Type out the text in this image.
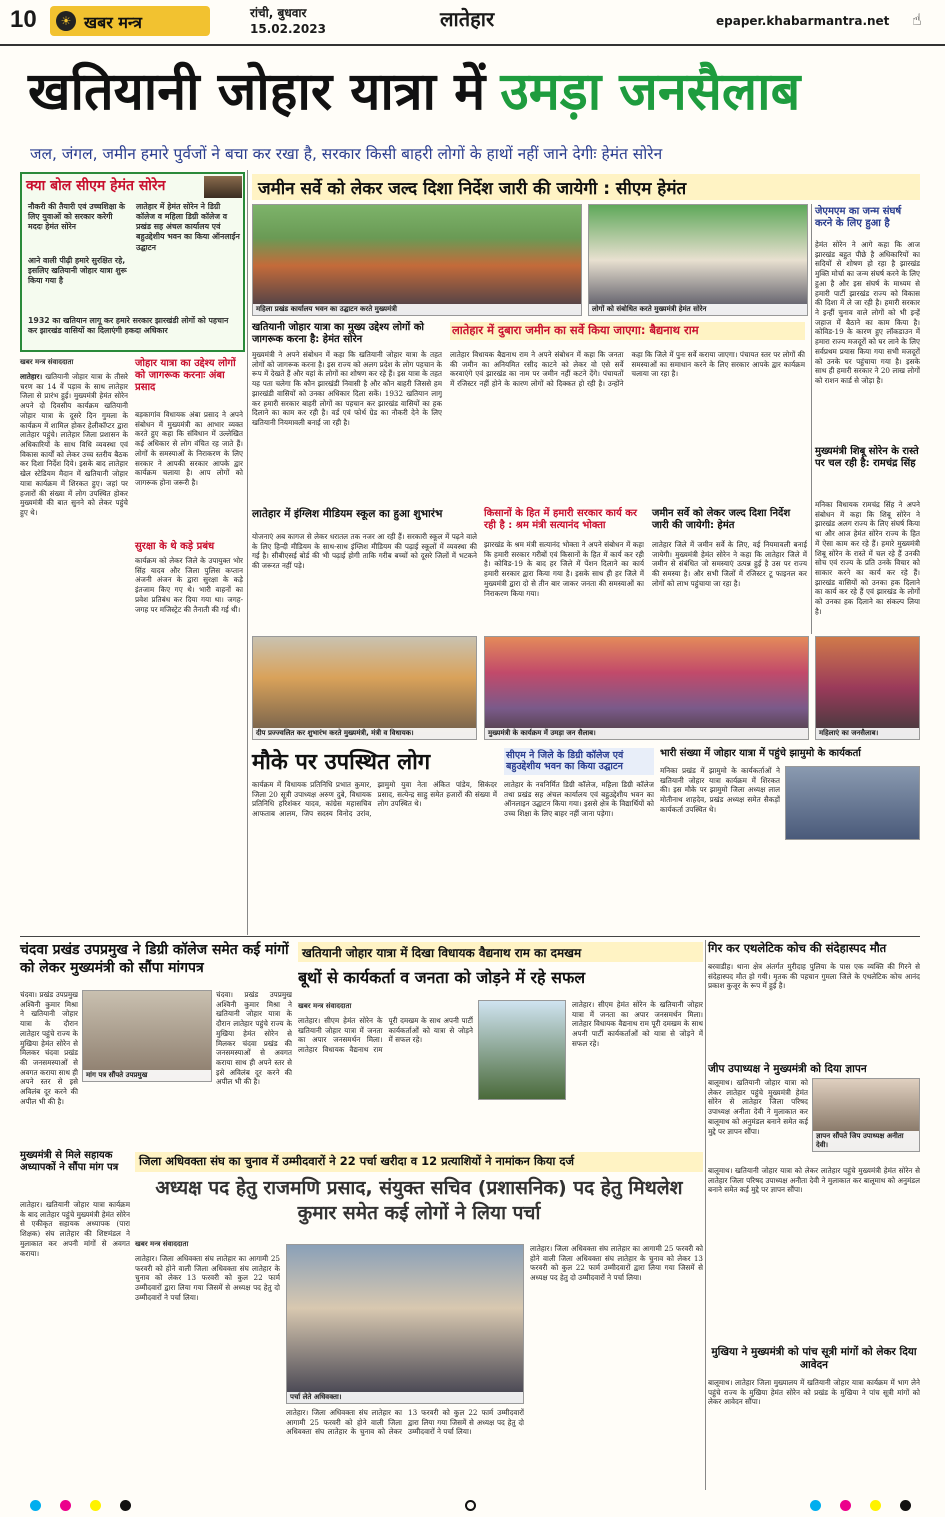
10	☀ खबर मन्त्र	रांची, बुधवार
15.02.2023	लातेहार	epaper.khabarmantra.net ☝
खतियानी जोहार यात्रा में उमड़ा जनसैलाब
जल, जंगल, जमीन हमारे पुर्वजों ने बचा कर रखा है, सरकार किसी बाहरी लोगों के हाथों नहीं जाने देगीः हेमंत सोरेन
क्या बोल सीएम हेमंत सोरेन
नौकरी की तैयारी एवं उच्चशिक्षा के लिए युवाओं को सरकार करेगी मददः हेमंत सोरेन
आने वाली पीढ़ी हमारे सुरक्षित रहे, इसलिए खतियानी जोहार यात्रा शुरू किया गया है
लातेहार में हेमंत सोरेन ने डिग्री कॉलेज व महिला डिग्री कॉलेज व प्रखंड सह अंचल कार्यालय एवं बहुउद्देशीय भवन का किया ऑनलाईन उद्घाटन
1932 का खतियान लागू कर हमारे सरकार झारखंडी लोगों को पहचान कर झारखंड वासियों का दिलाएंगी हकदा अधिकार
जमीन सर्वे को लेकर जल्द दिशा निर्देश जारी की जायेगी : सीएम हेमंत
महिला प्रखंड कार्यालय भवन का उद्घाटन करते मुख्यमंत्री	लोगों को संबोधित करते मुख्यमंत्री हेमंत सोरेन
जेएमएम का जन्म संघर्ष करने के लिए हुआ है
हेमंत सोरेन ने आगे कहा कि आज झारखंड बहुत पीछे है अधिकारियों का सदियों से शोषण हो रहा है झारखंड मुक्ति मोर्चा का जन्म संघर्ष करने के लिए हुआ है और इस संघर्ष के माध्यम से हमारी पार्टी झारखंड राज्य को विकास की दिशा में ले जा रही है। हमारी सरकार ने इन्हीं चुनाव वाले लोगों को भी इन्हें जहाज में बैठाने का काम किया है। कोविड-19 के कारण हुए लॉकडाउन में हमारा राज्य मजदूरों को घर लाने के लिए सर्वप्रथम प्रयास किया गया सभी मजदूरों को उनके घर पहुंचाया गया है। इसके साथ ही हमारी सरकार ने 20 लाख लोगों को राशन कार्ड से जोड़ा है।
मुख्यमंत्री शिबू सोरेन के रास्ते पर चल रही है: रामचंद्र सिंह
मनिका विधायक रामचंद्र सिंह ने अपने संबोधन में कहा कि शिबू सोरेन ने झारखंड अलग राज्य के लिए संघर्ष किया था और आज हेमंत सोरेन राज्य के हित में ऐसा काम कर रहे हैं। हमारे मुख्यमंत्री शिबू सोरेन के रास्ते में चल रहे हैं उनकी सोच एवं राज्य के प्रति उनके विचार को साकार करने का कार्य कर रहे हैं। झारखंड वासियों को उनका हक दिलाने का कार्य कर रहे हैं एवं झारखंड के लोगों को उनका हक दिलाने का संकल्प लिया है।
खतियानी जोहार यात्रा का मुख्य उद्देश्य लोगों को जागरूक करना है: हेमंत सोरेन
मुख्यमंत्री ने अपने संबोधन में कहा कि खतियानी जोहार यात्रा के तहत लोगों को जागरूक करना है। इस राज्य को अलग प्रदेश के लोग पहचान के रूप में देखते हैं और यहां के लोगों का शोषण कर रहे हैं। इस यात्रा के तहत यह पता चलेगा कि कौन झारखंडी निवासी है और कौन बाहरी जिससे हम झारखंडी वासियों को उनका अधिकार दिला सकें। 1932 खतियान लागू कर हमारी सरकार बाहरी लोगों का पहचान कर झारखंड वासियों का हक दिलाने का काम कर रही है। वर्ड एवं फोर्थ ग्रेड का नौकरी देने के लिए खतियानी नियमावली बनाई जा रही है।
लातेहार में दुबारा जमीन का सर्वे किया जाएगा: बैद्यनाथ राम
लातेहार विधायक बैद्यनाथ राम ने अपने संबोधन में कहा कि जनता की जमीन का अनियमित रसीद काटने को लेकर वो एसे सर्वे करवाएंगे एवं झारखंड का नाम पर जमीन नहीं कटने देंगे। पंचायतों में रजिस्टर नहीं होने के कारण लोगों को दिक्कत हो रही है। उन्होंने कहा कि जिले में पुनः सर्वे कराया जाएगा। पंचायत स्तर पर लोगों की समस्याओं का समाधान करने के लिए सरकार आपके द्वार कार्यक्रम चलाया जा रहा है।
खबर मन्त्र संवाददाता
लातेहार। खतियानी जोहार यात्रा के तीसरे चरण का 14 वें पड़ाव के साथ लातेहार जिला से प्रारंभ हुई। मुख्यमंत्री हेमंत सोरेन अपने दो दिवसीय कार्यक्रम खतियानी जोहार यात्रा के दूसरे दिन गुमला के कार्यक्रम में शामिल होकर हेलीकॉप्टर द्वारा लातेहार पहुंचे। लातेहार जिला प्रशासन के अधिकारियों के साथ विधि व्यवस्था एवं विकास कार्यों को लेकर उच्च स्तरीय बैठक कर दिशा निर्देश दिये। इसके बाद लातेहार खेल स्टेडियम मैदान में खतियानी जोहार यात्रा कार्यक्रम में शिरकत हुए। जहां पर हजारों की संख्या में लोग उपस्थित होकर मुख्यमंत्री की बात सुनने को लेकर पहुंचे हुए थे।
जोहार यात्रा का उद्देश्य लोगों को जागरूक करनाः अंबा प्रसाद
बड़कागांव विधायक अंबा प्रसाद ने अपने संबोधन में मुख्यमंत्री का आभार व्यक्त करते हुए कहा कि संविधान में उल्लेखित कई अधिकार से लोग वंचित रह जाते हैं। लोगों के समस्याओं के निराकरण के लिए सरकार ने आपकी सरकार आपके द्वार कार्यक्रम चलाया है। आप लोगों को जागरूक होना जरूरी है।
सुरक्षा के थे कड़े प्रबंध
कार्यक्रम को लेकर जिले के उपायुक्त भोर सिंह यादव और जिला पुलिस कप्तान अंजनी अंजन के द्वारा सुरक्षा के कड़े इंतजाम किए गए थे। भारी वाहनों का प्रवेश प्रतिबंध कर दिया गया था। जगह-जगह पर मजिस्ट्रेट की तैनाती की गई थी।
लातेहार में इंग्लिश मीडियम स्कूल का हुआ शुभारंभ
योजनाएं अब कागज से लेकर धरातल तक नजर आ रही हैं। सरकारी स्कूल में पढ़ने वाले के लिए हिन्दी मीडियम के साथ-साथ इंग्लिश मीडियम की पढ़ाई स्कूलों में व्यवस्था की गई है। सीबीएसई बोर्ड की भी पढ़ाई होगी ताकि गरीब बच्चों को दूसरे जिलों में भटकने की जरूरत नहीं पड़े।
किसानों के हित में हमारी सरकार कार्य कर रही है : श्रम मंत्री सत्यानंद भोक्ता
झारखंड के श्रम मंत्री सत्यानंद भोक्ता ने अपने संबोधन में कहा कि हमारी सरकार गरीबों एवं किसानों के हित में कार्य कर रही है। कोविड-19 के बाद हर जिले में पेंशन दिलाने का कार्य हमारी सरकार द्वारा किया गया है। इसके साथ ही हर जिले में मुख्यमंत्री द्वारा दो से तीन बार जाकर जनता की समस्याओं का निराकरण किया गया।
जमीन सर्वे को लेकर जल्द दिशा निर्देश जारी की जायेगी: हेमंत
लातेहार जिले में जमीन सर्वे के लिए, वई नियमावली बनाई जायेगी। मुख्यमंत्री हेमंत सोरेन ने कहा कि लातेहार जिले में जमीन से संबंधित जो समस्याएं उत्पन्न हुई है उस पर राज्य की समस्या है। और सभी जिलों में रजिस्टर टू फाइनल कर लोगों को लाभ पहुंचाया जा रहा है।
दीप प्रज्ज्वलित कर शुभारंभ करते मुख्यमंत्री, मंत्री व विधायक।	मुख्यमंत्री के कार्यक्रम में उमड़ा जन सैलाब।	महिलाएं का जनसैलाब।
मौके पर उपस्थित लोग
कार्यक्रम में विधायक प्रतिनिधि प्रभात कुमार, जिला 20 सूत्री उपाध्यक्ष अरुण दुबे, विधायक प्रतिनिधि हरिशंकर यादव, कांग्रेस महासचिव आफताब आलम, जिप सदस्य विनोद उरांव, झामुमो युवा नेता अंकित पांडेय, सिकंदर प्रसाद, सत्येन्द्र साहु समेत हजारों की संख्या में लोग उपस्थित थे।
सीएम ने जिले के डिग्री कॉलेज एवं बहुउद्देशीय भवन का किया उद्घाटन
लातेहार के नवनिर्मित डिग्री कॉलेज, महिला डिग्री कॉलेज तथा प्रखंड सह अंचल कार्यालय एवं बहुउद्देशीय भवन का ऑनलाइन उद्घाटन किया गया। इससे क्षेत्र के विद्यार्थियों को उच्च शिक्षा के लिए बाहर नहीं जाना पड़ेगा।
भारी संख्या में जोहार यात्रा में पहुंचे झामुमो के कार्यकर्ता
मनिका प्रखंड में झामुमो के कार्यकर्ताओं ने खतियानी जोहार यात्रा कार्यक्रम में शिरकत की। इस मौके पर झामुमो जिला अध्यक्ष लाल मोतीनाथ शाहदेव, प्रखंड अध्यक्ष समेत सैकड़ों कार्यकर्ता उपस्थित थे।
चंदवा प्रखंड उपप्रमुख ने डिग्री कॉलेज समेत कई मांगों को लेकर मुख्यमंत्री को सौंपा मांगपत्र
मांग पत्र सौंपते उपप्रमुख
चंदवा। प्रखंड उपप्रमुख अश्विनी कुमार मिश्रा ने खतियानी जोहार यात्रा के दौरान लातेहार पहुंचे राज्य के मुखिया हेमंत सोरेन से मिलकर चंदवा प्रखंड की जनसमस्याओं से अवगत कराया साथ ही अपने स्तर से इसे अविलंब दूर करने की अपील भी की है।
चंदवा। प्रखंड उपप्रमुख अश्विनी कुमार मिश्रा ने खतियानी जोहार यात्रा के दौरान लातेहार पहुंचे राज्य के मुखिया हेमंत सोरेन से मिलकर चंदवा प्रखंड की जनसमस्याओं से अवगत कराया साथ ही अपने स्तर से इसे अविलंब दूर करने की अपील भी की है।
खतियानी जोहार यात्रा में दिखा विधायक वैद्यनाथ राम का दमखम
बूथों से कार्यकर्ता व जनता को जोड़ने में रहे सफल
खबर मन्त्र संवाददाता
लातेहार। सीएम हेमंत सोरेन के खतियानी जोहार यात्रा में जनता का अपार जनसमर्थन मिला। लातेहार विधायक वैद्यनाथ राम पूरी दमखम के साथ अपनी पार्टी कार्यकर्ताओं को यात्रा से जोड़ने में सफल रहे।
लातेहार। सीएम हेमंत सोरेन के खतियानी जोहार यात्रा में जनता का अपार जनसमर्थन मिला। लातेहार विधायक वैद्यनाथ राम पूरी दमखम के साथ अपनी पार्टी कार्यकर्ताओं को यात्रा से जोड़ने में सफल रहे।
गिर कर एथलेटिक कोच की संदेहास्पद मौत
बरवाडीह। थाना क्षेत्र अंतर्गत मुरीदाह पुलिया के पास एक व्यक्ति की गिरने से संदेहास्पद मौत हो गयी। मृतक की पहचान गुमला जिले के एथलेटिक कोच आनंद प्रकाश कुजूर के रूप में हुई है।
जीप उपाध्यक्ष ने मुख्यमंत्री को दिया ज्ञापन
बालूमाथ। खतियानी जोहार यात्रा को लेकर लातेहार पहुंचे मुख्यमंत्री हेमंत सोरेन से लातेहार जिला परिषद उपाध्यक्ष अनीता देवी ने मुलाकात कर बालूमाथ को अनुमंडल बनाने समेत कई मुद्दे पर ज्ञापन सौंपा।
ज्ञापन सौंपते जिप उपाध्यक्ष अनीता देवी।
मुख्यमंत्री से मिले सहायक अध्यापकों ने सौंपा मांग पत्र
लातेहार। खतियानी जोहार यात्रा कार्यक्रम के बाद लातेहार पहुंचे मुख्यमंत्री हेमंत सोरेन से एकीकृत सहायक अध्यापक (पारा शिक्षक) संघ लातेहार की शिष्टमंडल ने मुलाकात कर अपनी मांगों से अवगत कराया।
जिला अधिवक्ता संघ का चुनाव में उम्मीदवारों ने 22 पर्चा खरीदा व 12 प्रत्याशियों ने नामांकन किया दर्ज
अध्यक्ष पद हेतु राजमणि प्रसाद, संयुक्त सचिव (प्रशासनिक) पद हेतु मिथलेश कुमार समेत कई लोगों ने लिया पर्चा
खबर मन्त्र संवाददाता
लातेहार। जिला अधिवक्ता संघ लातेहार का आगामी 25 फरवरी को होने वाली जिला अधिवक्ता संघ लातेहार के चुनाव को लेकर 13 फरवरी को कुल 22 फार्म उम्मीदवारों द्वारा लिया गया जिसमें से अध्यक्ष पद हेतु दो उम्मीदवारों ने पर्चा लिया।
पर्चा लेते अधिवक्ता।
लातेहार। जिला अधिवक्ता संघ लातेहार का आगामी 25 फरवरी को होने वाली जिला अधिवक्ता संघ लातेहार के चुनाव को लेकर 13 फरवरी को कुल 22 फार्म उम्मीदवारों द्वारा लिया गया जिसमें से अध्यक्ष पद हेतु दो उम्मीदवारों ने पर्चा लिया।
लातेहार। जिला अधिवक्ता संघ लातेहार का आगामी 25 फरवरी को होने वाली जिला अधिवक्ता संघ लातेहार के चुनाव को लेकर 13 फरवरी को कुल 22 फार्म उम्मीदवारों द्वारा लिया गया जिसमें से अध्यक्ष पद हेतु दो उम्मीदवारों ने पर्चा लिया।
बालूमाथ। खतियानी जोहार यात्रा को लेकर लातेहार पहुंचे मुख्यमंत्री हेमंत सोरेन से लातेहार जिला परिषद उपाध्यक्ष अनीता देवी ने मुलाकात कर बालूमाथ को अनुमंडल बनाने समेत कई मुद्दे पर ज्ञापन सौंपा।
मुखिया ने मुख्यमंत्री को पांच सूत्री मांगों को लेकर दिया आवेदन
बालूमाथ। लातेहार जिला मुख्यालय में खतियानी जोहार यात्रा कार्यक्रम में भाग लेने पहुंचे राज्य के मुखिया हेमंत सोरेन को प्रखंड के मुखिया ने पांच सूत्री मांगों को लेकर आवेदन सौंपा।
